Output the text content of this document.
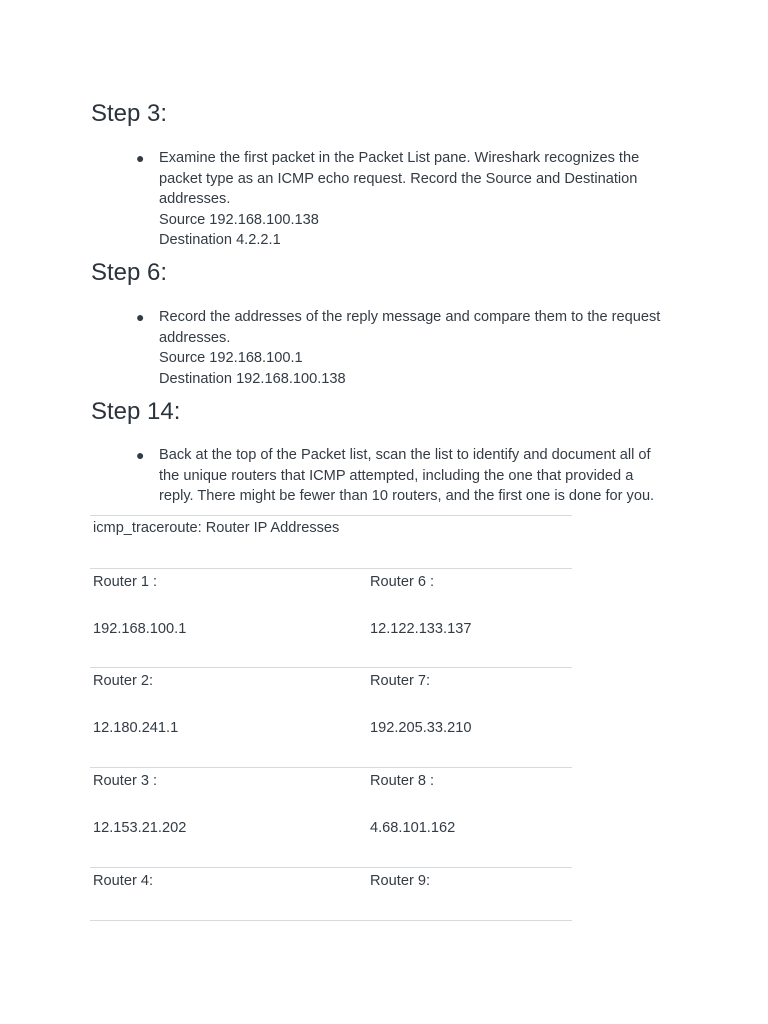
Step 3:
● Examine the first packet in the Packet List pane. Wireshark recognizes the
packet type as an ICMP echo request. Record the Source and Destination
addresses.
Source 192.168.100.138
Destination 4.2.2.1
Step 6:
● Record the addresses of the reply message and compare them to the request
addresses.
Source 192.168.100.1
Destination 192.168.100.138
Step 14:
● Back at the top of the Packet list, scan the list to identify and document all of
the unique routers that ICMP attempted, including the one that provided a
reply. There might be fewer than 10 routers, and the first one is done for you.
icmp_traceroute: Router IP Addresses
Router 1 :	Router 6 :
192.168.100.1	12.122.133.137
Router 2:	Router 7:
12.180.241.1	192.205.33.210
Router 3 :	Router 8 :
12.153.21.202	4.68.101.162
Router 4:	Router 9:
